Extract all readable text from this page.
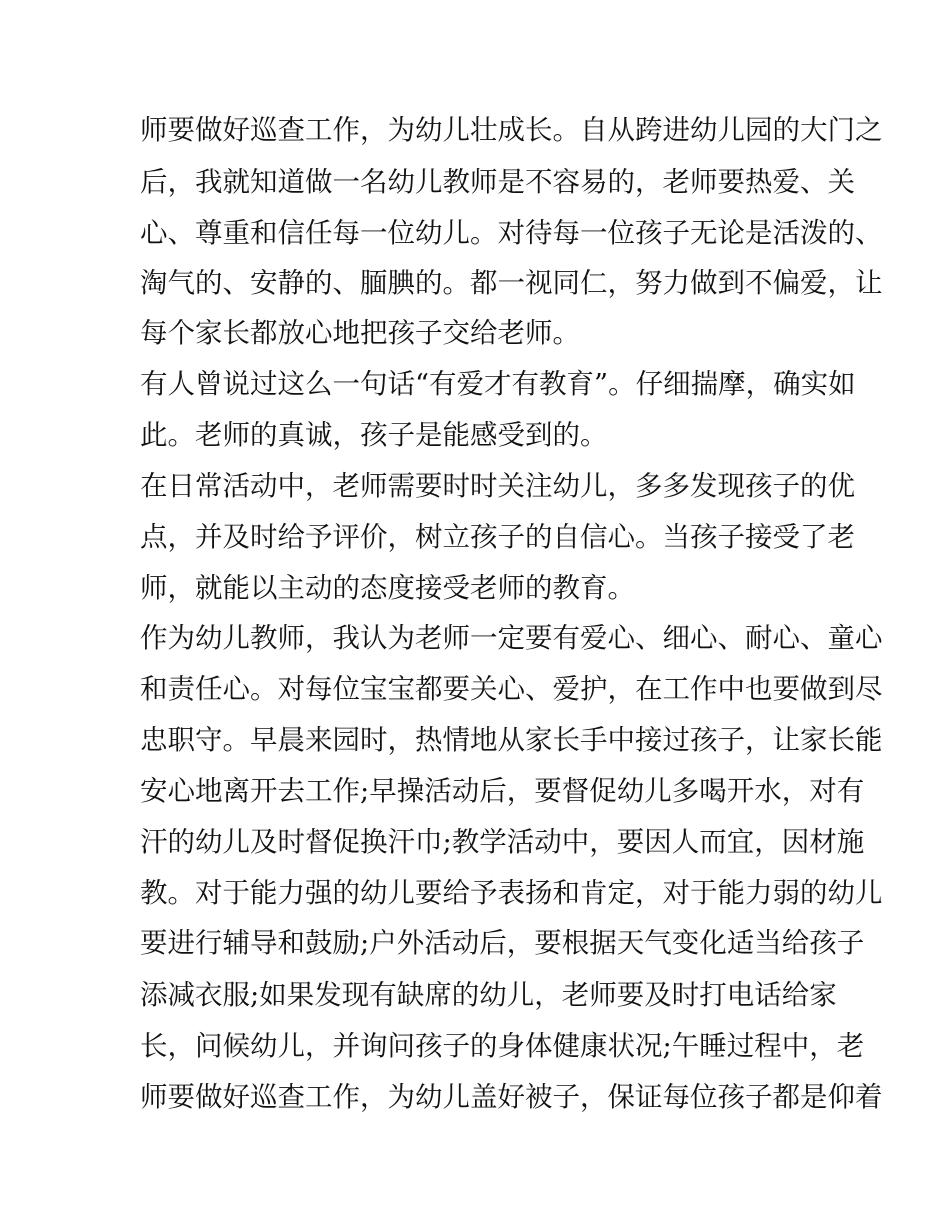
师要做好巡查工作，为幼儿壮成长。自从跨进幼儿园的大门之
后，我就知道做一名幼儿教师是不容易的，老师要热爱、关
心、尊重和信任每一位幼儿。对待每一位孩子无论是活泼的、
淘气的、安静的、腼腆的。都一视同仁，努力做到不偏爱，让
每个家长都放心地把孩子交给老师。
有人曾说过这么一句话“有爱才有教育”。仔细揣摩，确实如
此。老师的真诚，孩子是能感受到的。
在日常活动中，老师需要时时关注幼儿，多多发现孩子的优
点，并及时给予评价，树立孩子的自信心。当孩子接受了老
师，就能以主动的态度接受老师的教育。
作为幼儿教师，我认为老师一定要有爱心、细心、耐心、童心
和责任心。对每位宝宝都要关心、爱护，在工作中也要做到尽
忠职守。早晨来园时，热情地从家长手中接过孩子，让家长能
安心地离开去工作;早操活动后，要督促幼儿多喝开水，对有
汗的幼儿及时督促换汗巾;教学活动中，要因人而宜，因材施
教。对于能力强的幼儿要给予表扬和肯定，对于能力弱的幼儿
要进行辅导和鼓励;户外活动后，要根据天气变化适当给孩子
添减衣服;如果发现有缺席的幼儿，老师要及时打电话给家
长，问候幼儿，并询问孩子的身体健康状况;午睡过程中，老
师要做好巡查工作，为幼儿盖好被子，保证每位孩子都是仰着
